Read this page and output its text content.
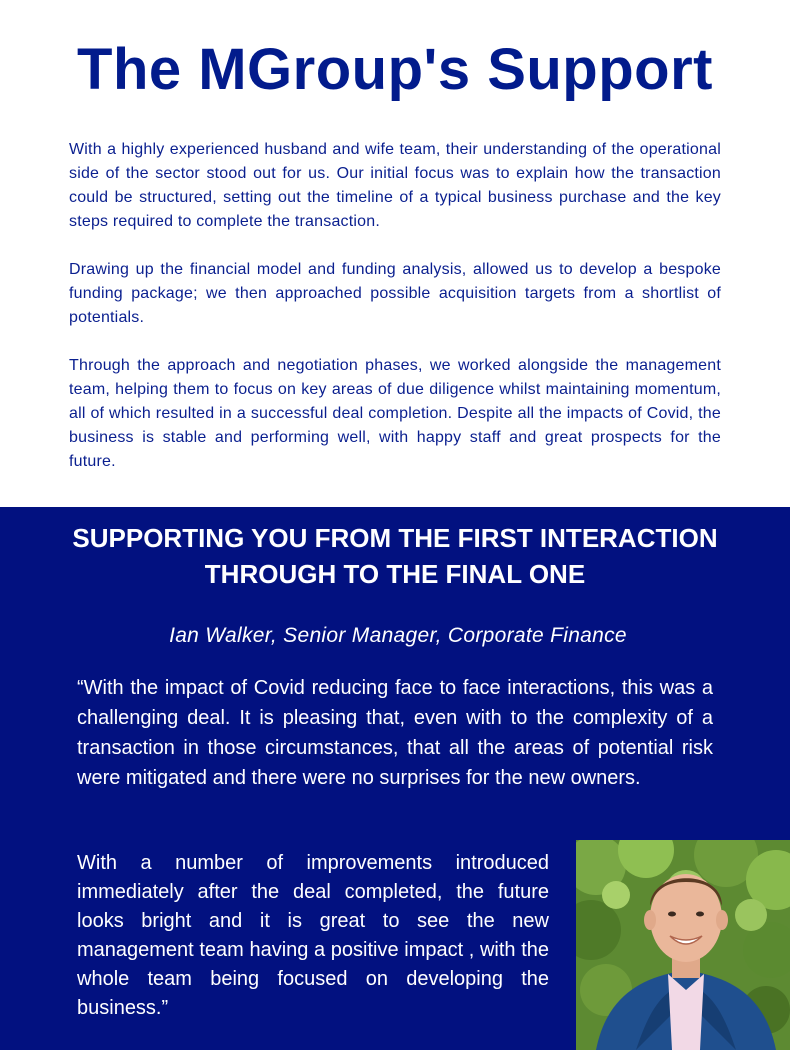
The MGroup's Support

With a highly experienced husband and wife team, their understanding of the operational side of the sector stood out for us. Our initial focus was to explain how the transaction could be structured, setting out the timeline of a typical business purchase and the key steps required to complete the transaction.

Drawing up the financial model and funding analysis, allowed us to develop a bespoke funding package; we then approached possible acquisition targets from a shortlist of potentials.

Through the approach and negotiation phases, we worked alongside the management team, helping them to focus on key areas of due diligence whilst maintaining momentum, all of which resulted in a successful deal completion. Despite all the impacts of Covid, the business is stable and performing well, with happy staff and great prospects for the future.

SUPPORTING YOU FROM THE FIRST INTERACTION THROUGH TO THE FINAL ONE

Ian Walker, Senior Manager, Corporate Finance

“With the impact of Covid reducing face to face interactions, this was a challenging deal. It is pleasing that, even with to the complexity of a transaction in those circumstances, that all the areas of potential risk were mitigated and there were no surprises for the new owners.

With a number of improvements introduced immediately after the deal completed, the future looks bright and it is great to see the new management team having a positive impact , with the whole team being focused on developing the business.”
